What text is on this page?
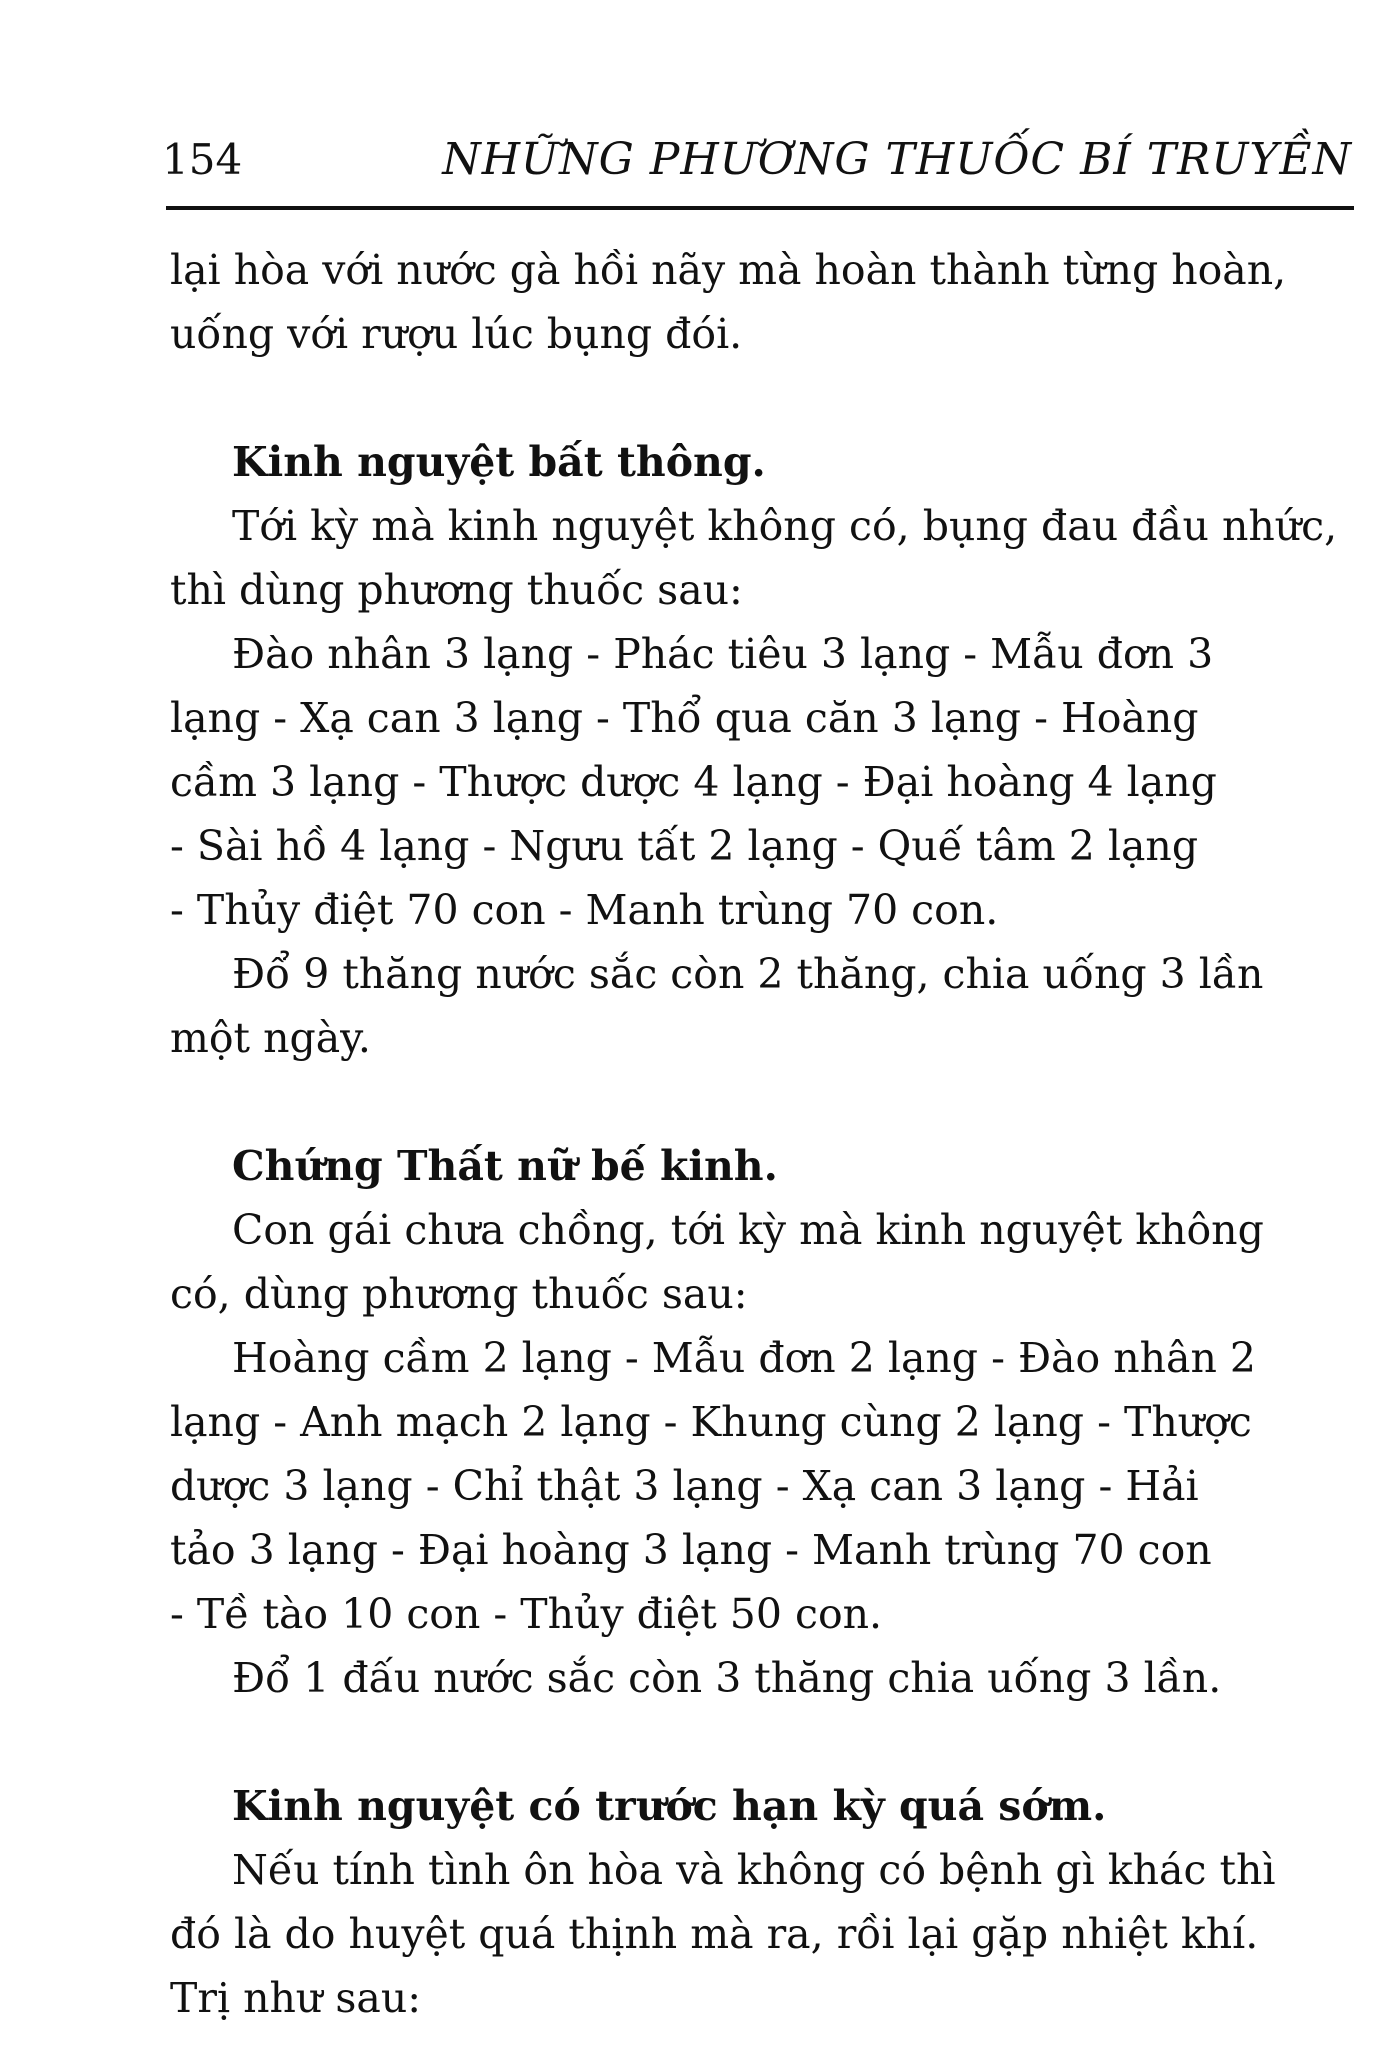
154	NHỮNG PHƯƠNG THUỐC BÍ TRUYỀN
lại hòa với nước gà hồi nãy mà hoàn thành từng hoàn,
uống với rượu lúc bụng đói.
Kinh nguyệt bất thông.
Tới kỳ mà kinh nguyệt không có, bụng đau đầu nhức,
thì dùng phương thuốc sau:
Đào nhân 3 lạng - Phác tiêu 3 lạng - Mẫu đơn 3
lạng - Xạ can 3 lạng - Thổ qua căn 3 lạng - Hoàng
cầm 3 lạng - Thược dược 4 lạng - Đại hoàng 4 lạng
- Sài hồ 4 lạng - Ngưu tất 2 lạng - Quế tâm 2 lạng
- Thủy điệt 70 con - Manh trùng 70 con.
Đổ 9 thăng nước sắc còn 2 thăng, chia uống 3 lần
một ngày.
Chứng Thất nữ bế kinh.
Con gái chưa chồng, tới kỳ mà kinh nguyệt không
có, dùng phương thuốc sau:
Hoàng cầm 2 lạng - Mẫu đơn 2 lạng - Đào nhân 2
lạng - Anh mạch 2 lạng - Khung cùng 2 lạng - Thược
dược 3 lạng - Chỉ thật 3 lạng - Xạ can 3 lạng - Hải
tảo 3 lạng - Đại hoàng 3 lạng - Manh trùng 70 con
- Tề tào 10 con - Thủy điệt 50 con.
Đổ 1 đấu nước sắc còn 3 thăng chia uống 3 lần.
Kinh nguyệt có trước hạn kỳ quá sớm.
Nếu tính tình ôn hòa và không có bệnh gì khác thì
đó là do huyệt quá thịnh mà ra, rồi lại gặp nhiệt khí.
Trị như sau:
